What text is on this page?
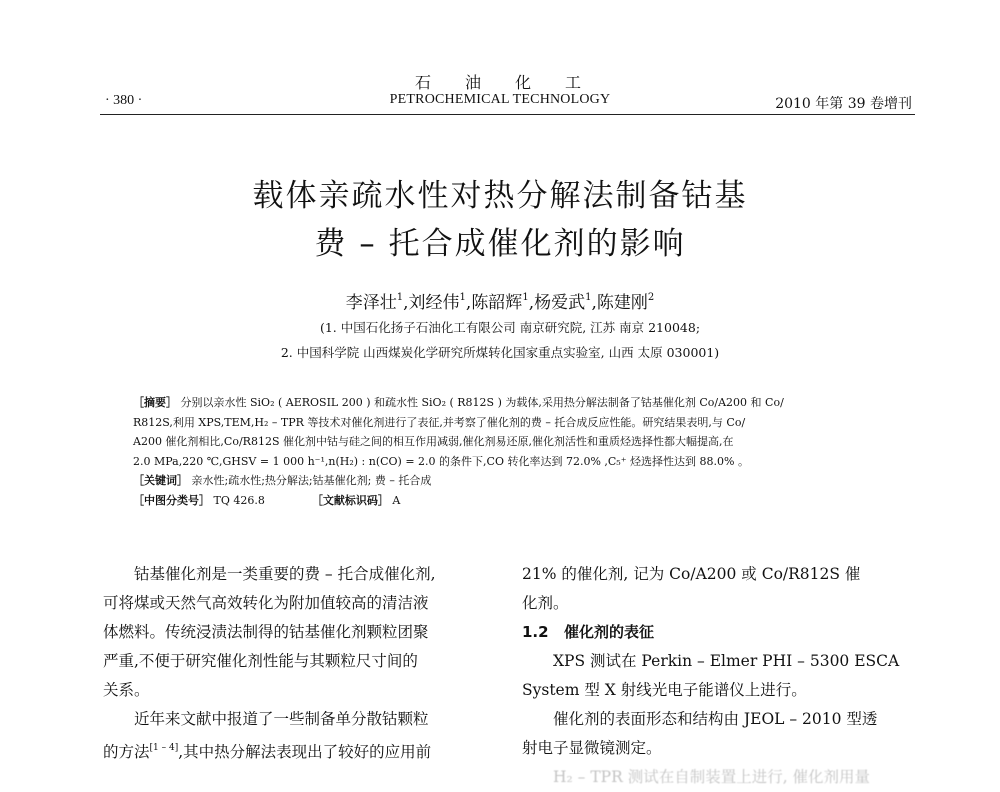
石油化工
· 380 ·	PETROCHEMICAL TECHNOLOGY	2010 年第 39 卷增刊
载体亲疏水性对热分解法制备钴基
费 – 托合成催化剂的影响
李泽壮$^1$,刘经伟$^1$,陈韶辉$^1$,杨爱武$^1$,陈建刚$^2$
(1. 中国石化扬子石油化工有限公司 南京研究院, 江苏 南京 210048;
2. 中国科学院 山西煤炭化学研究所煤转化国家重点实验室, 山西 太原 030001)
［摘要］ 分别以亲水性 SiO₂ ( AEROSIL 200 ) 和疏水性 SiO₂ ( R812S ) 为载体,采用热分解法制备了钴基催化剂 Co/A200 和 Co/
R812S,利用 XPS,TEM,H₂ – TPR 等技术对催化剂进行了表征,并考察了催化剂的费 – 托合成反应性能。研究结果表明,与 Co/
A200 催化剂相比,Co/R812S 催化剂中钴与硅之间的相互作用减弱,催化剂易还原,催化剂活性和重质烃选择性都大幅提高,在
2.0 MPa,220 ℃,GHSV = 1 000 h⁻¹,n(H₂) : n(CO) = 2.0 的条件下,CO 转化率达到 72.0% ,C₅⁺ 烃选择性达到 88.0% 。
［关键词］ 亲水性;疏水性;热分解法;钴基催化剂; 费 – 托合成
［中图分类号］ TQ 426.8	［文献标识码］ A
钴基催化剂是一类重要的费 – 托合成催化剂,
可将煤或天然气高效转化为附加值较高的清洁液
体燃料。传统浸渍法制得的钴基催化剂颗粒团聚
严重,不便于研究催化剂性能与其颗粒尺寸间的
关系。
近年来文献中报道了一些制备单分散钴颗粒
的方法[1 – 4],其中热分解法表现出了较好的应用前

21% 的催化剂, 记为 Co/A200 或 Co/R812S 催
化剂。
1.2 催化剂的表征
XPS 测试在 Perkin – Elmer PHI – 5300 ESCA
System 型 X 射线光电子能谱仪上进行。
催化剂的表面形态和结构由 JEOL – 2010 型透
射电子显微镜测定。
H₂ – TPR 测试在自制装置上进行, 催化剂用量
